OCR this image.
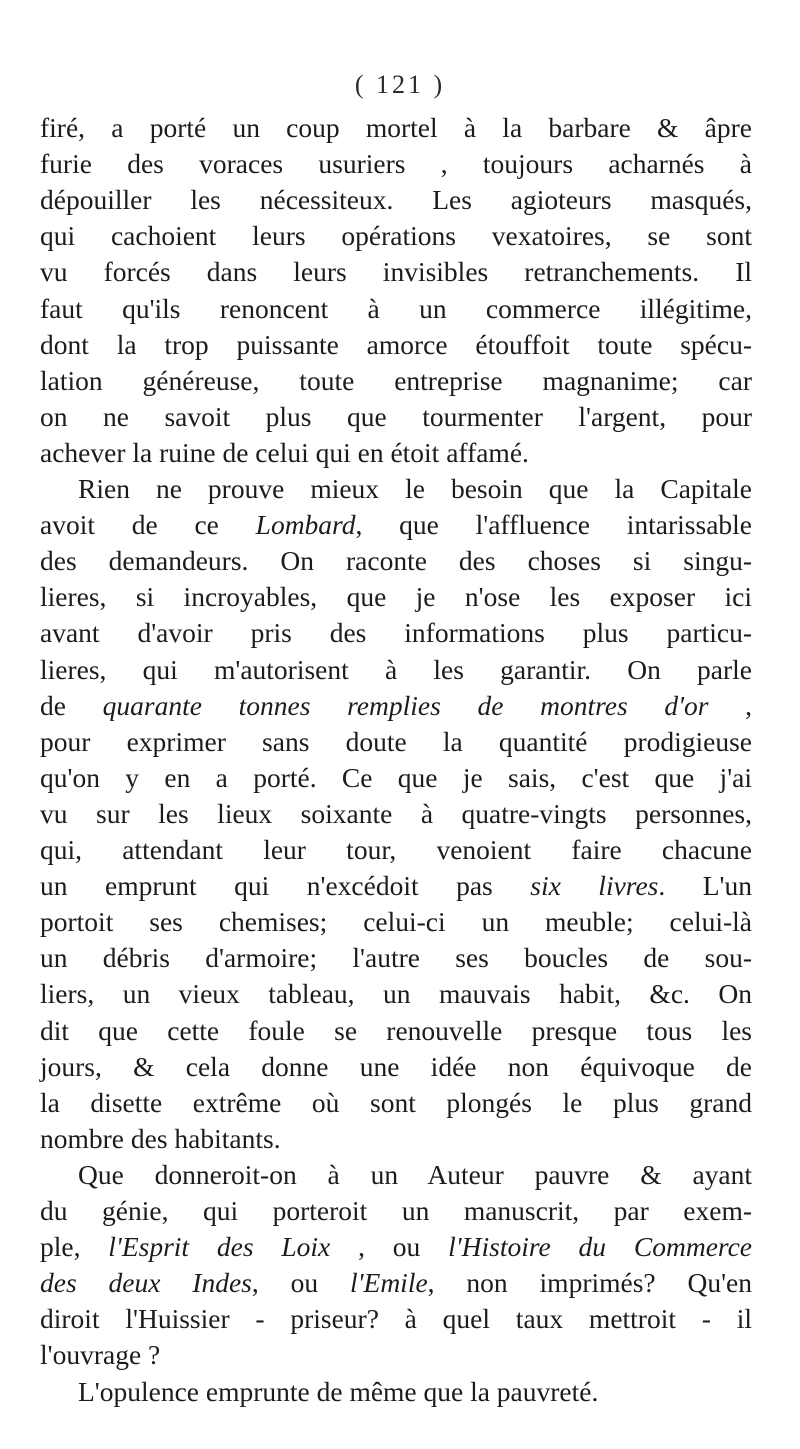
( 121 )
firé, a porté un coup mortel à la barbare & âpre
furie des voraces usuriers , toujours acharnés à
dépouiller les nécessiteux. Les agioteurs masqués,
qui cachoient leurs opérations vexatoires, se sont
vu forcés dans leurs invisibles retranchements. Il
faut qu'ils renoncent à un commerce illégitime,
dont la trop puissante amorce étouffoit toute spécu-
lation généreuse, toute entreprise magnanime; car
on ne savoit plus que tourmenter l'argent, pour
achever la ruine de celui qui en étoit affamé.
Rien ne prouve mieux le besoin que la Capitale
avoit de ce Lombard, que l'affluence intarissable
des demandeurs. On raconte des choses si singu-
lieres, si incroyables, que je n'ose les exposer ici
avant d'avoir pris des informations plus particu-
lieres, qui m'autorisent à les garantir. On parle
de quarante tonnes remplies de montres d'or ,
pour exprimer sans doute la quantité prodigieuse
qu'on y en a porté. Ce que je sais, c'est que j'ai
vu sur les lieux soixante à quatre-vingts personnes,
qui, attendant leur tour, venoient faire chacune
un emprunt qui n'excédoit pas six livres. L'un
portoit ses chemises; celui-ci un meuble; celui-là
un débris d'armoire; l'autre ses boucles de sou-
liers, un vieux tableau, un mauvais habit, &c. On
dit que cette foule se renouvelle presque tous les
jours, & cela donne une idée non équivoque de
la disette extrême où sont plongés le plus grand
nombre des habitants.
Que donneroit-on à un Auteur pauvre & ayant
du génie, qui porteroit un manuscrit, par exem-
ple, l'Esprit des Loix , ou l'Histoire du Commerce
des deux Indes, ou l'Emile, non imprimés? Qu'en
diroit l'Huissier - priseur? à quel taux mettroit - il
l'ouvrage ?
L'opulence emprunte de même que la pauvreté.
